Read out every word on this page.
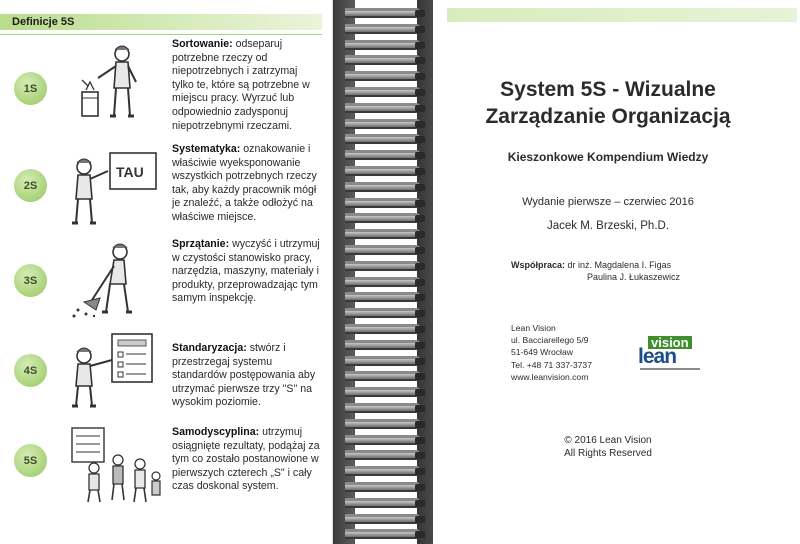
Definicje 5S
1S
Sortowanie: odseparuj potrzebne rzeczy od niepotrzebnych i zatrzymaj tylko te, które są potrzebne w miejscu pracy. Wyrzuć lub odpowiednio zadysponuj niepotrzebnymi rzeczami.
2S
TAU
Systematyka: oznakowanie i właściwie wyeksponowanie wszystkich potrzebnych rzeczy tak, aby każdy pracownik mógł je znaleźć, a także odłożyć na właściwe miejsce.
3S
Sprzątanie: wyczyść i utrzymuj w czystości stanowisko pracy, narzędzia, maszyny, materiały i produkty, przeprowadzając tym samym inspekcję.
4S
Standaryzacja: stwórz i przestrzegaj systemu standardów postępowania aby utrzymać pierwsze trzy "S" na wysokim poziomie.
5S
Samodyscyplina: utrzymuj osiągnięte rezultaty, podążaj za tym co zostało postanowione w pierwszych czterech „S" i cały czas doskonal system.
System 5S - Wizualne
Zarządzanie Organizacją
Kieszonkowe Kompendium Wiedzy
Wydanie pierwsze – czerwiec 2016
Jacek M. Brzeski, Ph.D.
Współpraca: dr inż. Magdalena I. Figas
Paulina J. Łukaszewicz
Lean Vision
ul. Bacciarellego 5/9
51-649 Wrocław
Tel. +48 71 337-3737
www.leanvision.com
vision
lean
© 2016 Lean Vision
All Rights Reserved
